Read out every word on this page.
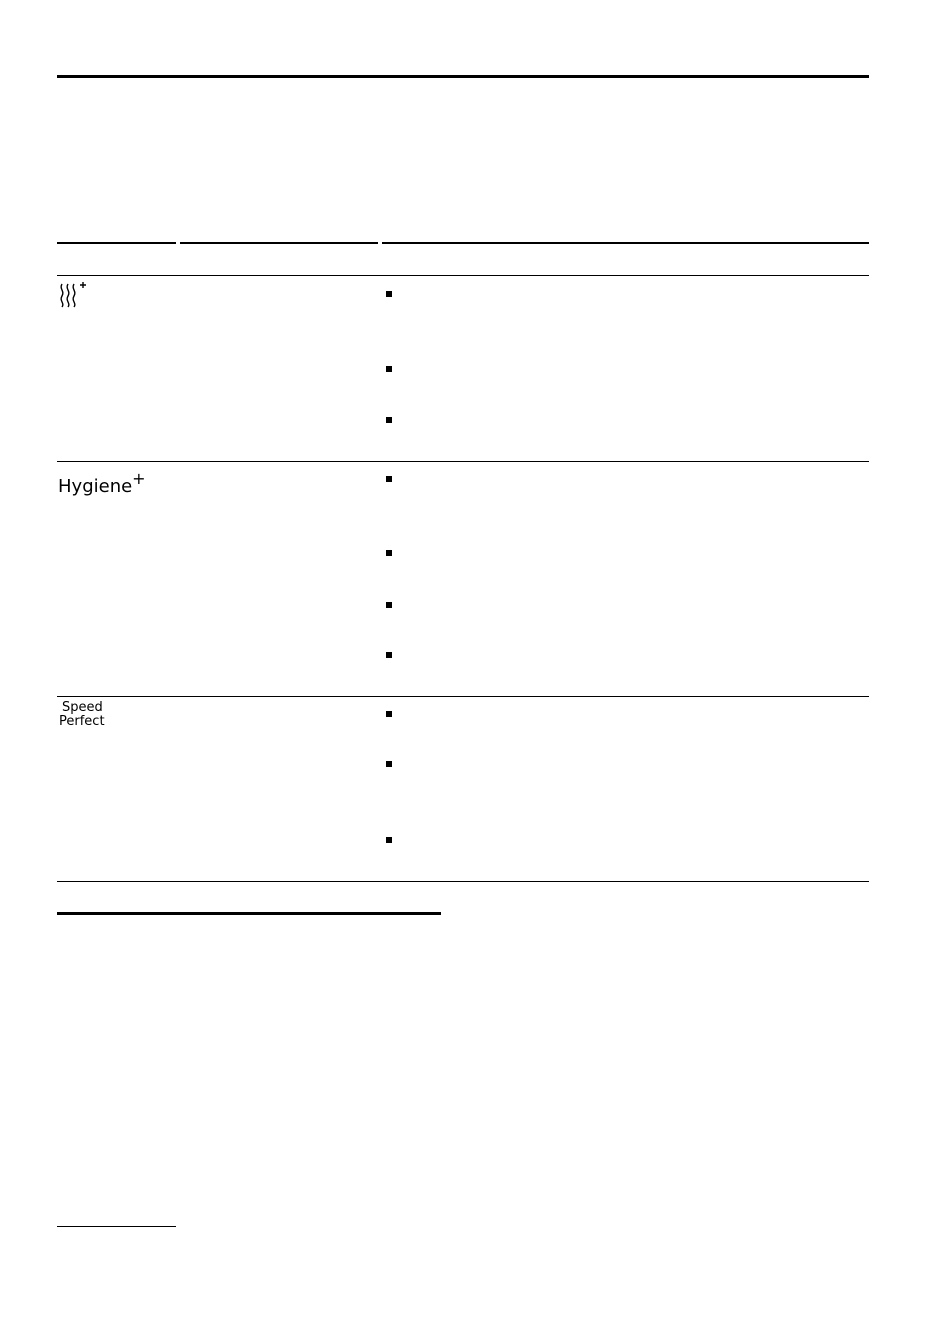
Hygiene+
Speed
Perfect
